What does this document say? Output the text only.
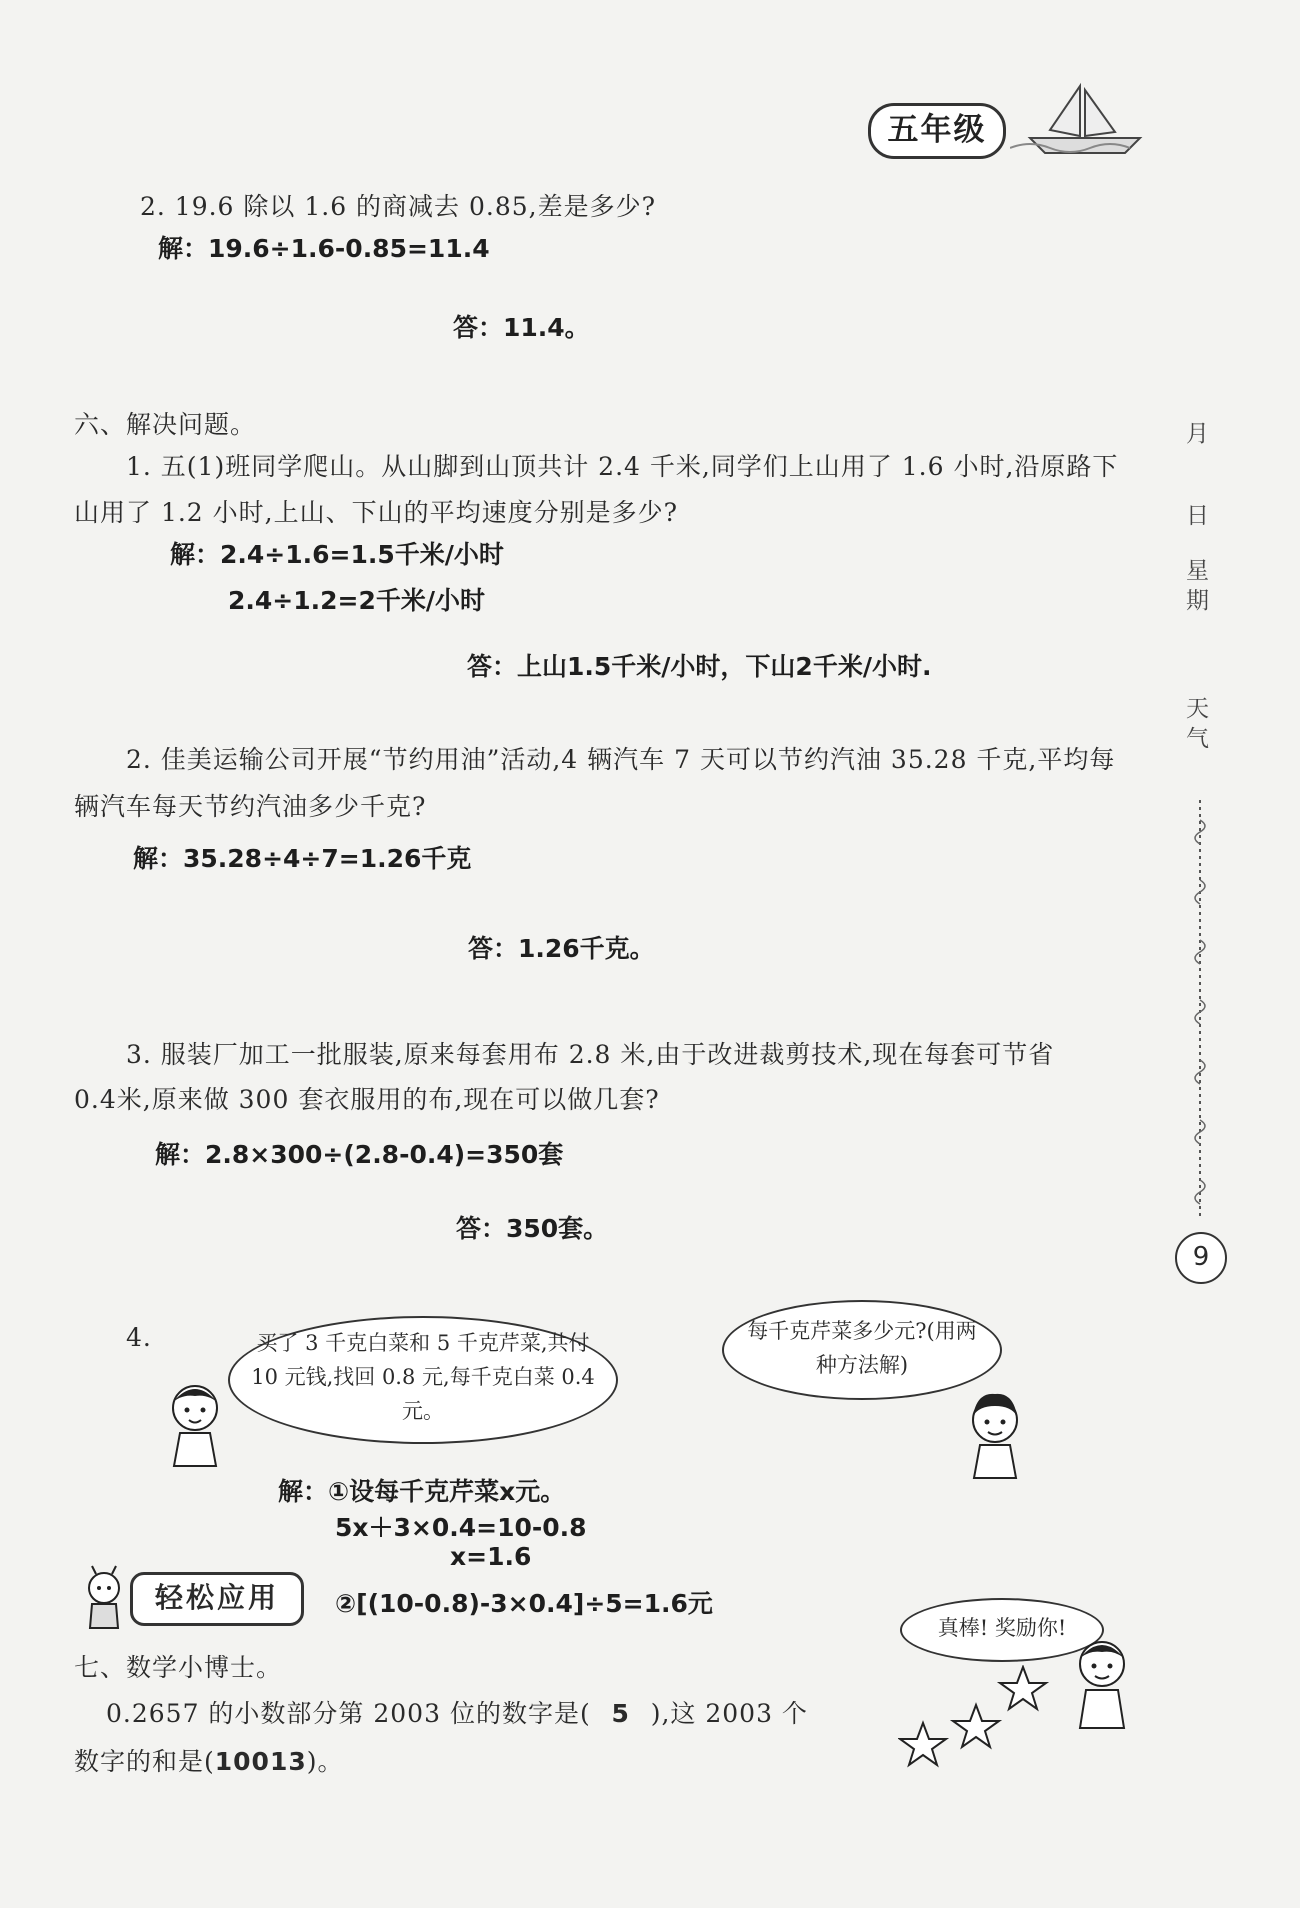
五年级
月
日
星
期
天
气
9
2. 19.6 除以 1.6 的商减去 0.85,差是多少?
解：19.6÷1.6-0.85=11.4
答：11.4。
六、解决问题。
1. 五(1)班同学爬山。从山脚到山顶共计 2.4 千米,同学们上山用了 1.6 小时,沿原路下
山用了 1.2 小时,上山、下山的平均速度分别是多少?
解：2.4÷1.6=1.5千米/小时
2.4÷1.2=2千米/小时
答：上山1.5千米/小时，下山2千米/小时.
2. 佳美运输公司开展“节约用油”活动,4 辆汽车 7 天可以节约汽油 35.28 千克,平均每
辆汽车每天节约汽油多少千克?
解：35.28÷4÷7=1.26千克
答：1.26千克。
3. 服装厂加工一批服装,原来每套用布 2.8 米,由于改进裁剪技术,现在每套可节省
0.4米,原来做 300 套衣服用的布,现在可以做几套?
解：2.8×300÷(2.8-0.4)=350套
答：350套。
4.	买了 3 千克白菜和 5 千克芹菜,共付 10 元钱,找回 0.8 元,每千克白菜 0.4 元。
每千克芹菜多少元?(用两种方法解)
解：①设每千克芹菜x元。
5x＋3×0.4=10-0.8
x=1.6
②[(10-0.8)-3×0.4]÷5=1.6元
轻松应用
七、数学小博士。
0.2657 的小数部分第 2003 位的数字是( 5 ),这 2003 个
数字的和是(10013)。
真棒! 奖励你!
